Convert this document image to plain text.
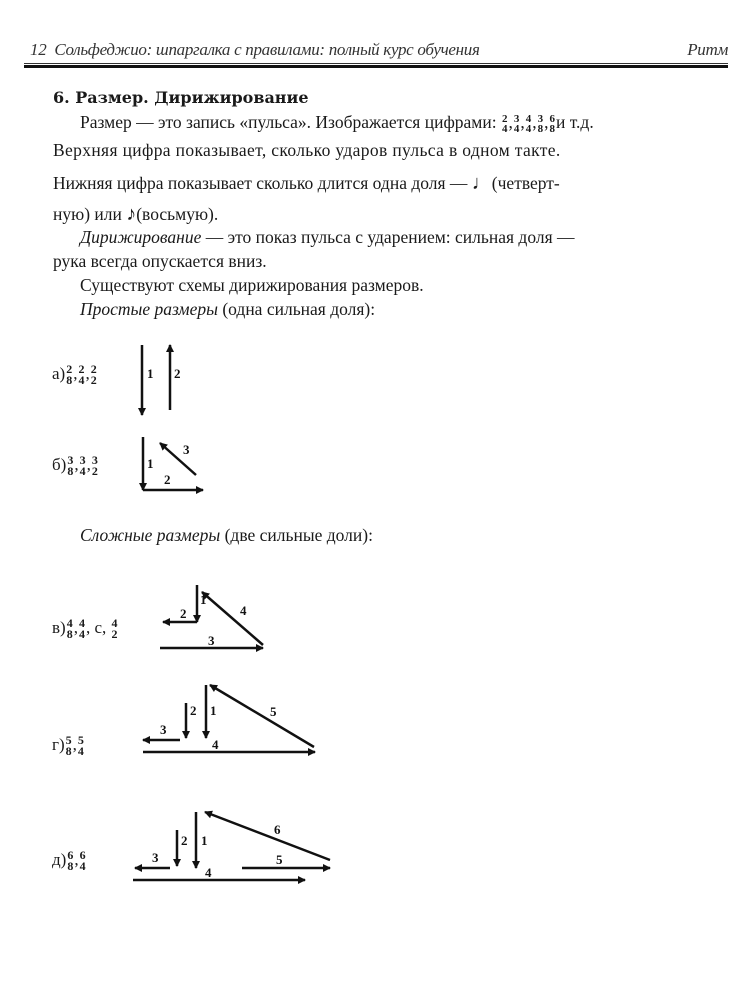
12 Сольфеджио: шпаргалка с правилами: полный курс обучения	Ритм
6. Размер. Дирижирование
Размер — это запись «пульса». Изображается цифрами: 2
4 , 3
4 , 4
4 , 3
8 , 6
8 и т.д.
Верхняя цифра показывает, сколько ударов пульса в одном такте.
Нижняя цифра показывает сколько длится одна доля — ♩(четверт-
ную) или ♪(восьмую).
Дирижирование — это показ пульса с ударением: сильная доля —
рука всегда опускается вниз.
Существуют схемы дирижирования размеров.
Простые размеры (одна сильная доля):
Сложные размеры (две сильные доли):
а) 2
8 , 2
4 , 2
2
б) 3
8 , 3
4 , 3
2
в) 4
8 , 4
4 , с, 4
2
г) 5
8 , 5
4
д) 6
8 , 6
4
1 2
1
2
3
1
2
3
4
1
2
3
4
5
1
2
3
4
5
6
